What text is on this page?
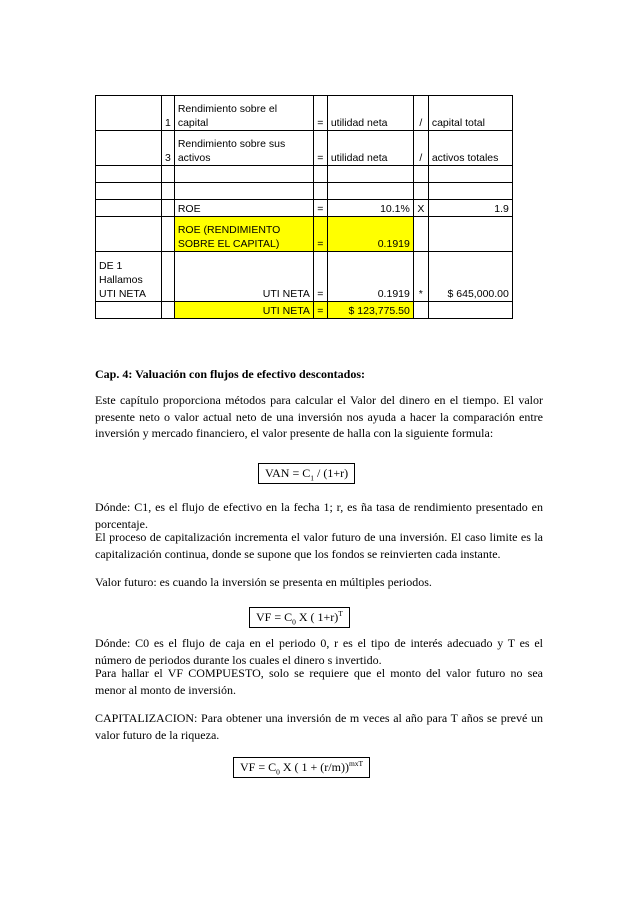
	1	Rendimiento sobre el capital	=	utilidad neta	/	capital total
	3	Rendimiento sobre sus activos	=	utilidad neta	/	activos totales

		ROE	=	10.1%	X	1.9
		ROE (RENDIMIENTO SOBRE EL CAPITAL)	=	0.1919		
DE 1 Hallamos UTI NETA		UTI NETA	=	0.1919	*	$ 645,000.00
		UTI NETA	=	$ 123,775.50		

Cap. 4: Valuación con flujos de efectivo descontados:

Este capítulo proporciona métodos para calcular el Valor del dinero en el tiempo. El valor presente neto o valor actual neto de una inversión nos ayuda a hacer la comparación entre inversión y mercado financiero, el valor presente de halla con la siguiente formula:

VAN = $C_1 / (1+r)$

Dónde: C1, es el flujo de efectivo en la fecha 1; r, es ña tasa de rendimiento presentado en porcentaje.

El proceso de capitalización incrementa el valor futuro de una inversión. El caso limite es la capitalización continua, donde se supone que los fondos se reinvierten cada instante.

Valor futuro: es cuando la inversión se presenta en múltiples periodos.

VF = $C_0$ X ( 1+r)$^T$

Dónde: C0 es el flujo de caja en el periodo 0, r es el tipo de interés adecuado y T es el número de periodos durante los cuales el dinero s invertido.

Para hallar el VF COMPUESTO, solo se requiere que el monto del valor futuro no sea menor al monto de inversión.

CAPITALIZACION: Para obtener una inversión de m veces al año para T años se prevé un valor futuro de la riqueza.

VF = $C_0$ X ( 1 + (r/m))$^{mxT}$
